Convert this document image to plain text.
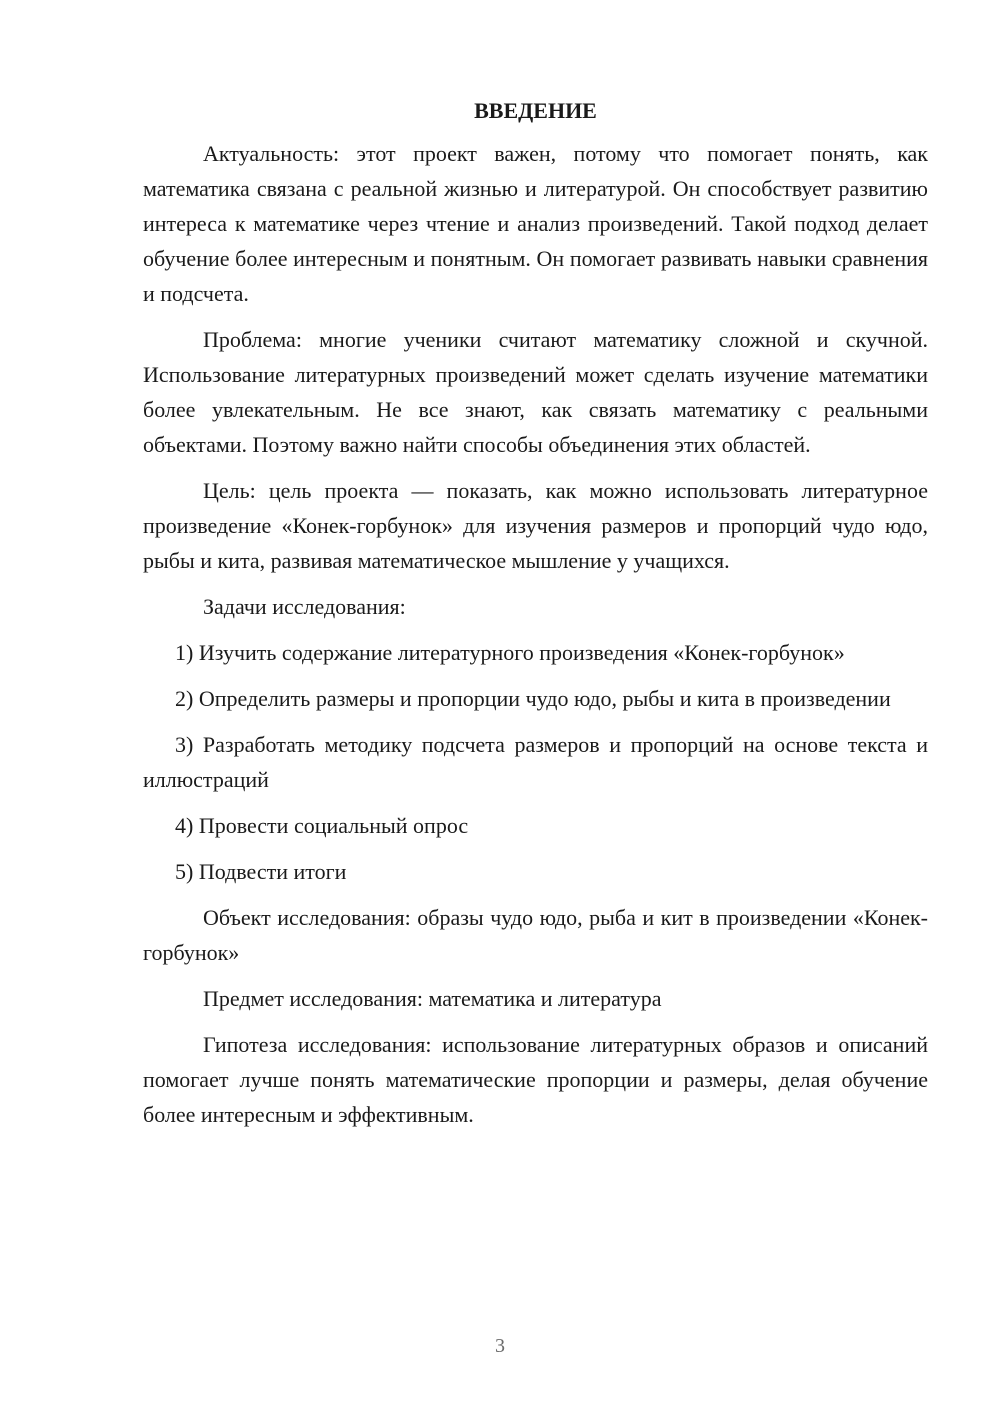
ВВЕДЕНИЕ

Актуальность: этот проект важен, потому что помогает понять, как математика связана с реальной жизнью и литературой. Он способствует развитию интереса к математике через чтение и анализ произведений. Такой подход делает обучение более интересным и понятным. Он помогает развивать навыки сравнения и подсчета.

Проблема: многие ученики считают математику сложной и скучной. Использование литературных произведений может сделать изучение математики более увлекательным. Не все знают, как связать математику с реальными объектами. Поэтому важно найти способы объединения этих областей.

Цель: цель проекта — показать, как можно использовать литературное произведение «Конек-горбунок» для изучения размеров и пропорций чудо юдо, рыбы и кита, развивая математическое мышление у учащихся.

Задачи исследования:

1) Изучить содержание литературного произведения «Конек-горбунок»

2) Определить размеры и пропорции чудо юдо, рыбы и кита в произведении

3) Разработать методику подсчета размеров и пропорций на основе текста и иллюстраций

4) Провести социальный опрос

5) Подвести итоги

Объект исследования: образы чудо юдо, рыба и кит в произведении «Конек-горбунок»

Предмет исследования: математика и литература

Гипотеза исследования: использование литературных образов и описаний помогает лучше понять математические пропорции и размеры, делая обучение более интересным и эффективным.

3
